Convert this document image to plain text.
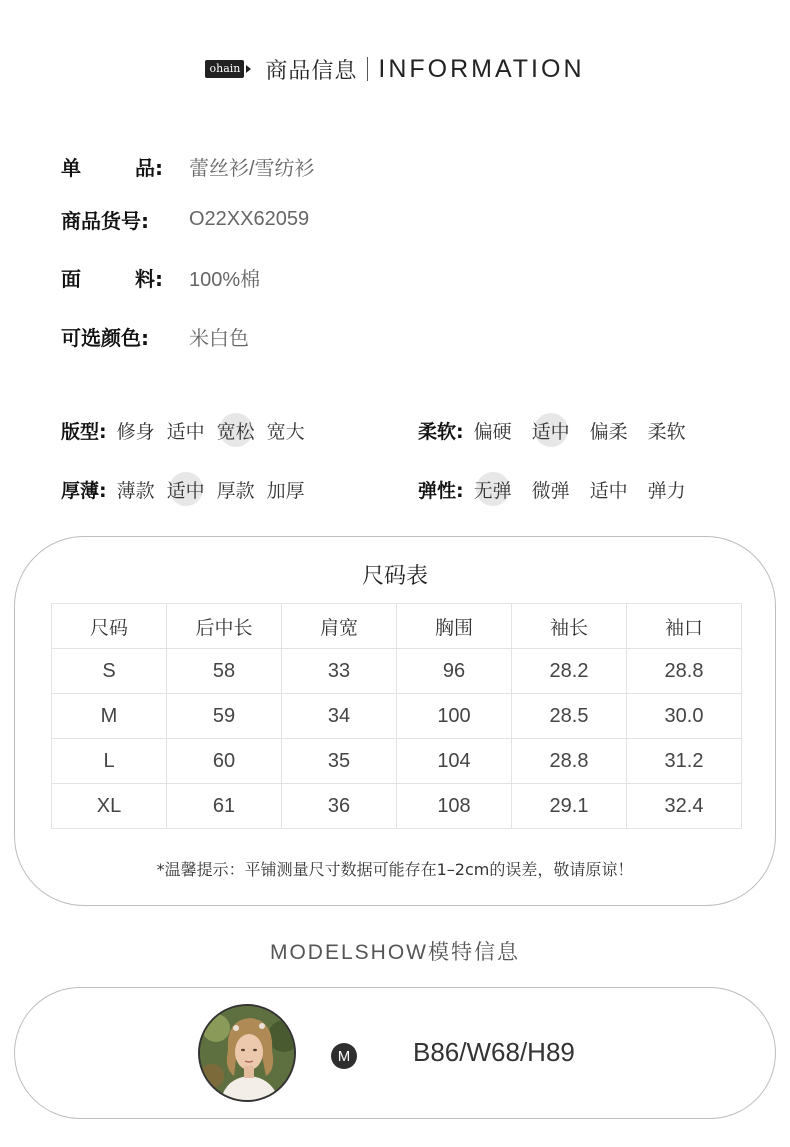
ohain 商品信息 INFORMATION
单	品: 蕾丝衫/雪纺衫
商品货号: O22XX62059
面	料: 100%棉
可选颜色: 米白色
版型: 修身 适中 宽松 宽大	柔软: 偏硬 适中 偏柔 柔软
厚薄: 薄款 适中 厚款 加厚	弹性: 无弹 微弹 适中 弹力
尺码表
尺码	后中长	肩宽	胸围	袖长	袖口
S	58	33	96	28.2	28.8
M	59	34	100	28.5	30.0
L	60	35	104	28.8	31.2
XL	61	36	108	29.1	32.4
*温馨提示：平铺测量尺寸数据可能存在1–2cm的误差，敬请原谅！
MODELSHOW模特信息
M B86/W68/H89
